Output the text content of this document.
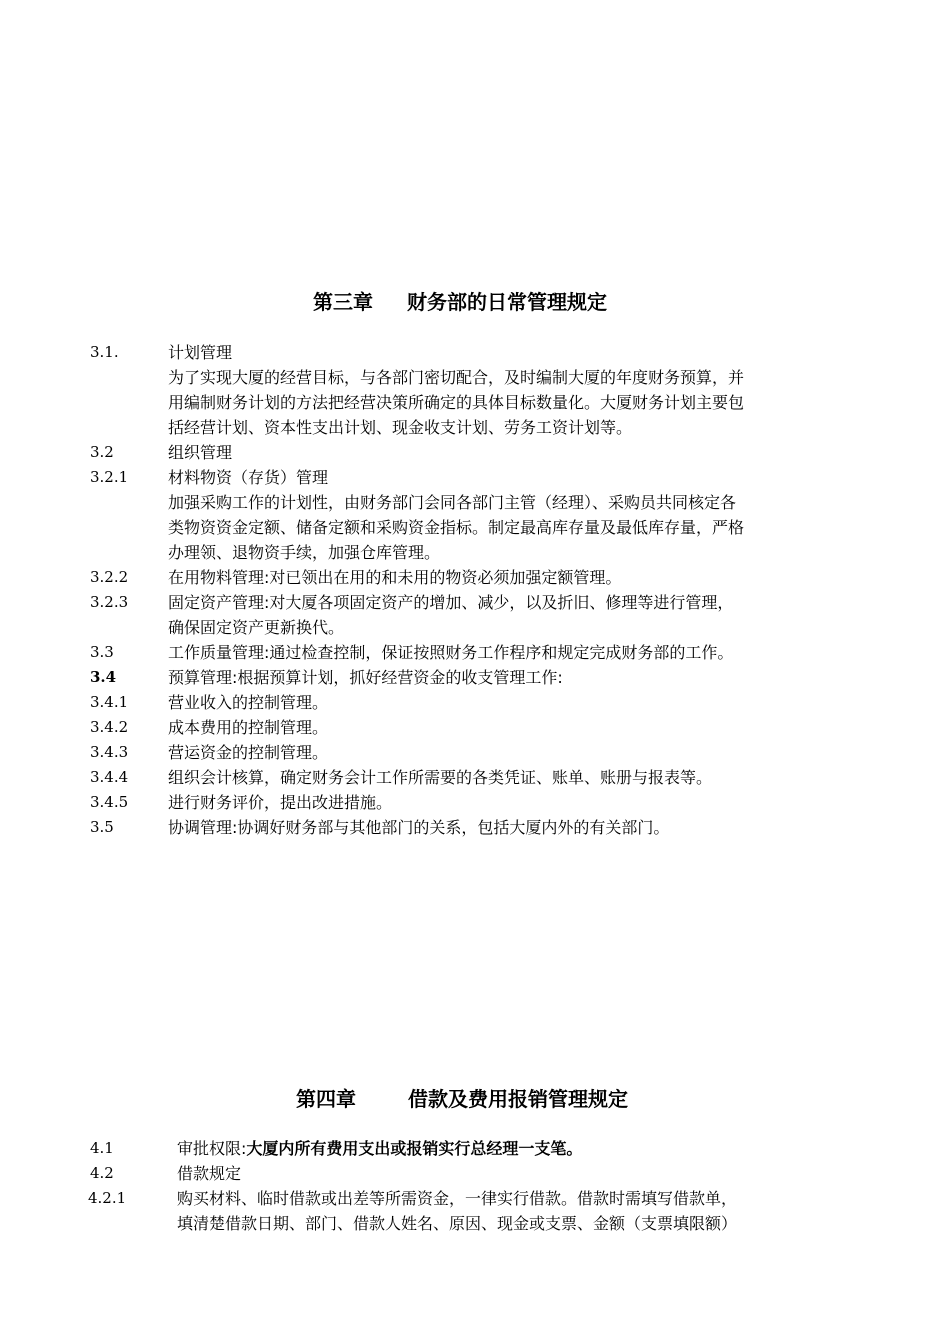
第三章 财务部的日常管理规定
3.1.	计划管理
为了实现大厦的经营目标，与各部门密切配合，及时编制大厦的年度财务预算，并
用编制财务计划的方法把经营决策所确定的具体目标数量化。大厦财务计划主要包
括经营计划、资本性支出计划、现金收支计划、劳务工资计划等。
3.2	组织管理
3.2.1 材料物资（存货）管理
加强采购工作的计划性，由财务部门会同各部门主管（经理）、采购员共同核定各
类物资资金定额、储备定额和采购资金指标。制定最高库存量及最低库存量，严格
办理领、退物资手续，加强仓库管理。
3.2.2 在用物料管理:对已领出在用的和未用的物资必须加强定额管理。
3.2.3 固定资产管理:对大厦各项固定资产的增加、减少，以及折旧、修理等进行管理，
确保固定资产更新换代。
3.3	工作质量管理:通过检查控制，保证按照财务工作程序和规定完成财务部的工作。
3.4	预算管理:根据预算计划，抓好经营资金的收支管理工作:
3.4.1 营业收入的控制管理。
3.4.2 成本费用的控制管理。
3.4.3 营运资金的控制管理。
3.4.4 组织会计核算，确定财务会计工作所需要的各类凭证、账单、账册与报表等。
3.4.5 进行财务评价，提出改进措施。
3.5	协调管理:协调好财务部与其他部门的关系，包括大厦内外的有关部门。
第四章	借款及费用报销管理规定
4.1	审批权限:大厦内所有费用支出或报销实行总经理一支笔。
4.2	借款规定
4.2.1	购买材料、临时借款或出差等所需资金，一律实行借款。借款时需填写借款单，
填清楚借款日期、部门、借款人姓名、原因、现金或支票、金额（支票填限额）
